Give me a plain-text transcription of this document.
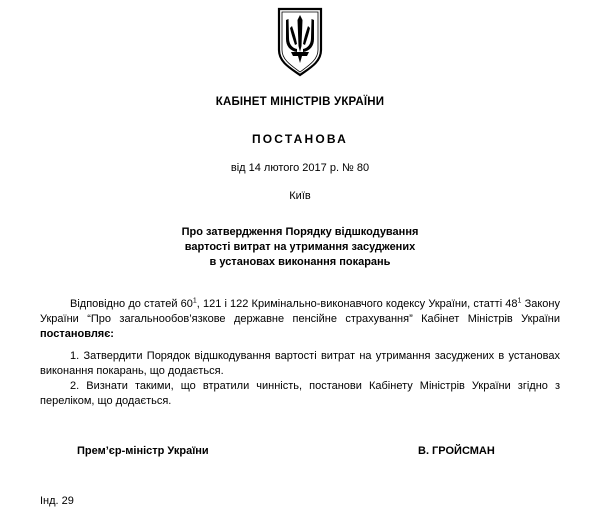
КАБІНЕТ МІНІСТРІВ УКРАЇНИ
ПОСТАНОВА
від 14 лютого 2017 р. № 80
Київ
Про затвердження Порядку відшкодування
вартості витрат на утримання засуджених
в установах виконання покарань

Відповідно до статей $60^1$, 121 і 122 Кримінально-виконавчого кодексу України, статті $48^1$ Закону України “Про загальнообов’язкове державне пенсійне страхування” Кабінет Міністрів України постановляє:

1. Затвердити Порядок відшкодування вартості витрат на утримання засуджених в установах виконання покарань, що додається.

2. Визнати такими, що втратили чинність, постанови Кабінету Міністрів України згідно з переліком, що додається.

Прем’єр-міністр України	В. ГРОЙСМАН
Інд. 29
